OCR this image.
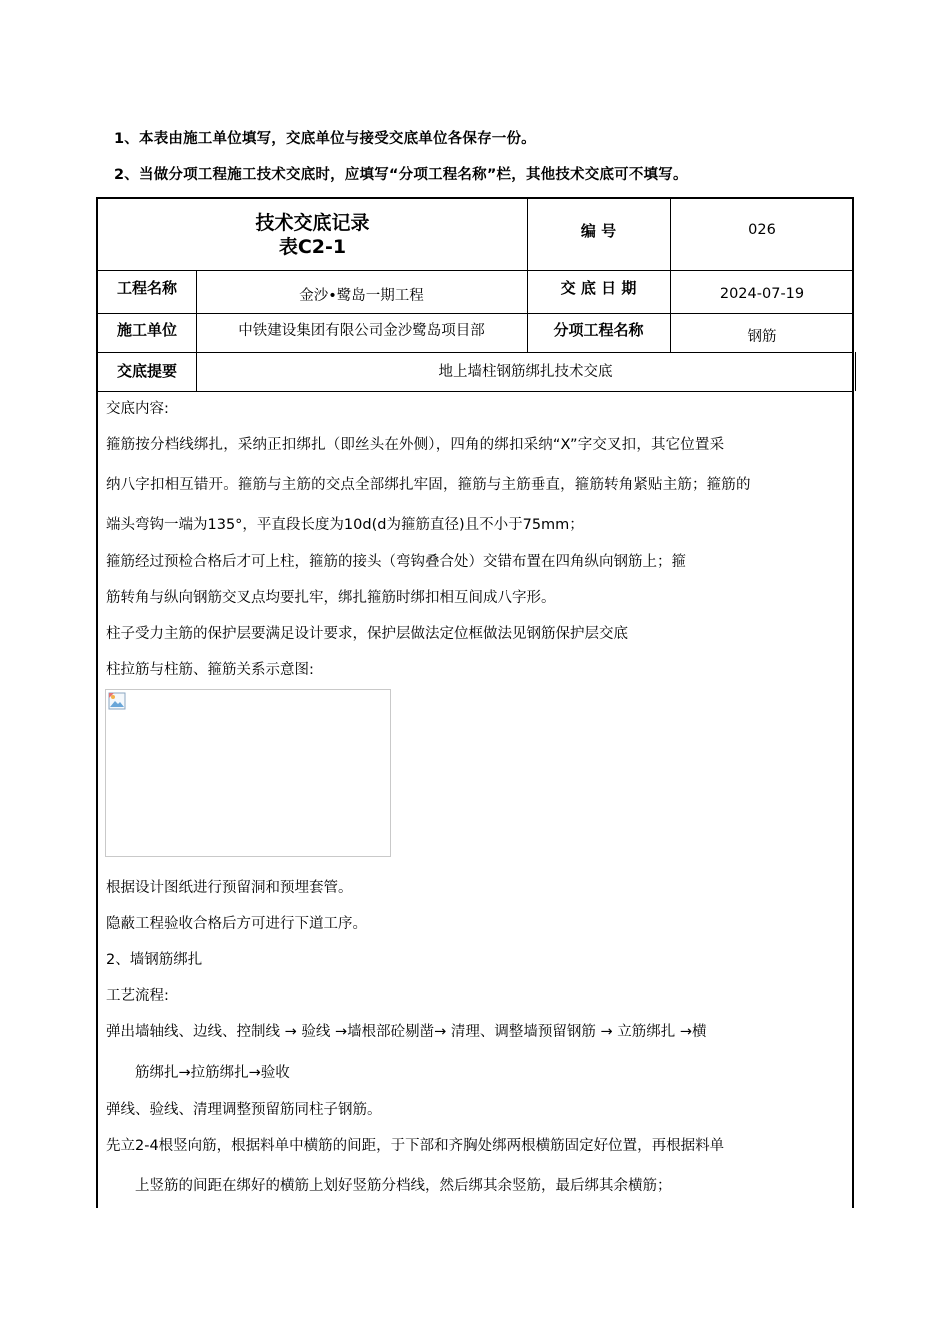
1、本表由施工单位填写，交底单位与接受交底单位各保存一份。
2、当做分项工程施工技术交底时，应填写“分项工程名称”栏，其他技术交底可不填写。
技术交底记录
表C2-1
编 号	026
工程名称	金沙•鹭岛一期工程	交 底 日 期	2024-07-19
施工单位	中铁建设集团有限公司金沙鹭岛项目部	分项工程名称	钢筋
交底提要	地上墙柱钢筋绑扎技术交底
交底内容:
箍筋按分档线绑扎，采纳正扣绑扎（即丝头在外侧），四角的绑扣采纳“X”字交叉扣，其它位置采
纳八字扣相互错开。箍筋与主筋的交点全部绑扎牢固，箍筋与主筋垂直，箍筋转角紧贴主筋；箍筋的
端头弯钩一端为135°，平直段长度为10d(d为箍筋直径)且不小于75mm；
箍筋经过预检合格后才可上柱，箍筋的接头（弯钩叠合处）交错布置在四角纵向钢筋上；箍
筋转角与纵向钢筋交叉点均要扎牢，绑扎箍筋时绑扣相互间成八字形。
柱子受力主筋的保护层要满足设计要求，保护层做法定位框做法见钢筋保护层交底
柱拉筋与柱筋、箍筋关系示意图:
根据设计图纸进行预留洞和预埋套管。
隐蔽工程验收合格后方可进行下道工序。
2、墙钢筋绑扎
工艺流程:
弹出墙轴线、边线、控制线 → 验线 →墙根部砼剔凿→ 清理、调整墙预留钢筋 → 立筋绑扎 →横
筋绑扎→拉筋绑扎→验收
弹线、验线、清理调整预留筋同柱子钢筋。
先立2-4根竖向筋，根据料单中横筋的间距，于下部和齐胸处绑两根横筋固定好位置，再根据料单
上竖筋的间距在绑好的横筋上划好竖筋分档线，然后绑其余竖筋，最后绑其余横筋；
